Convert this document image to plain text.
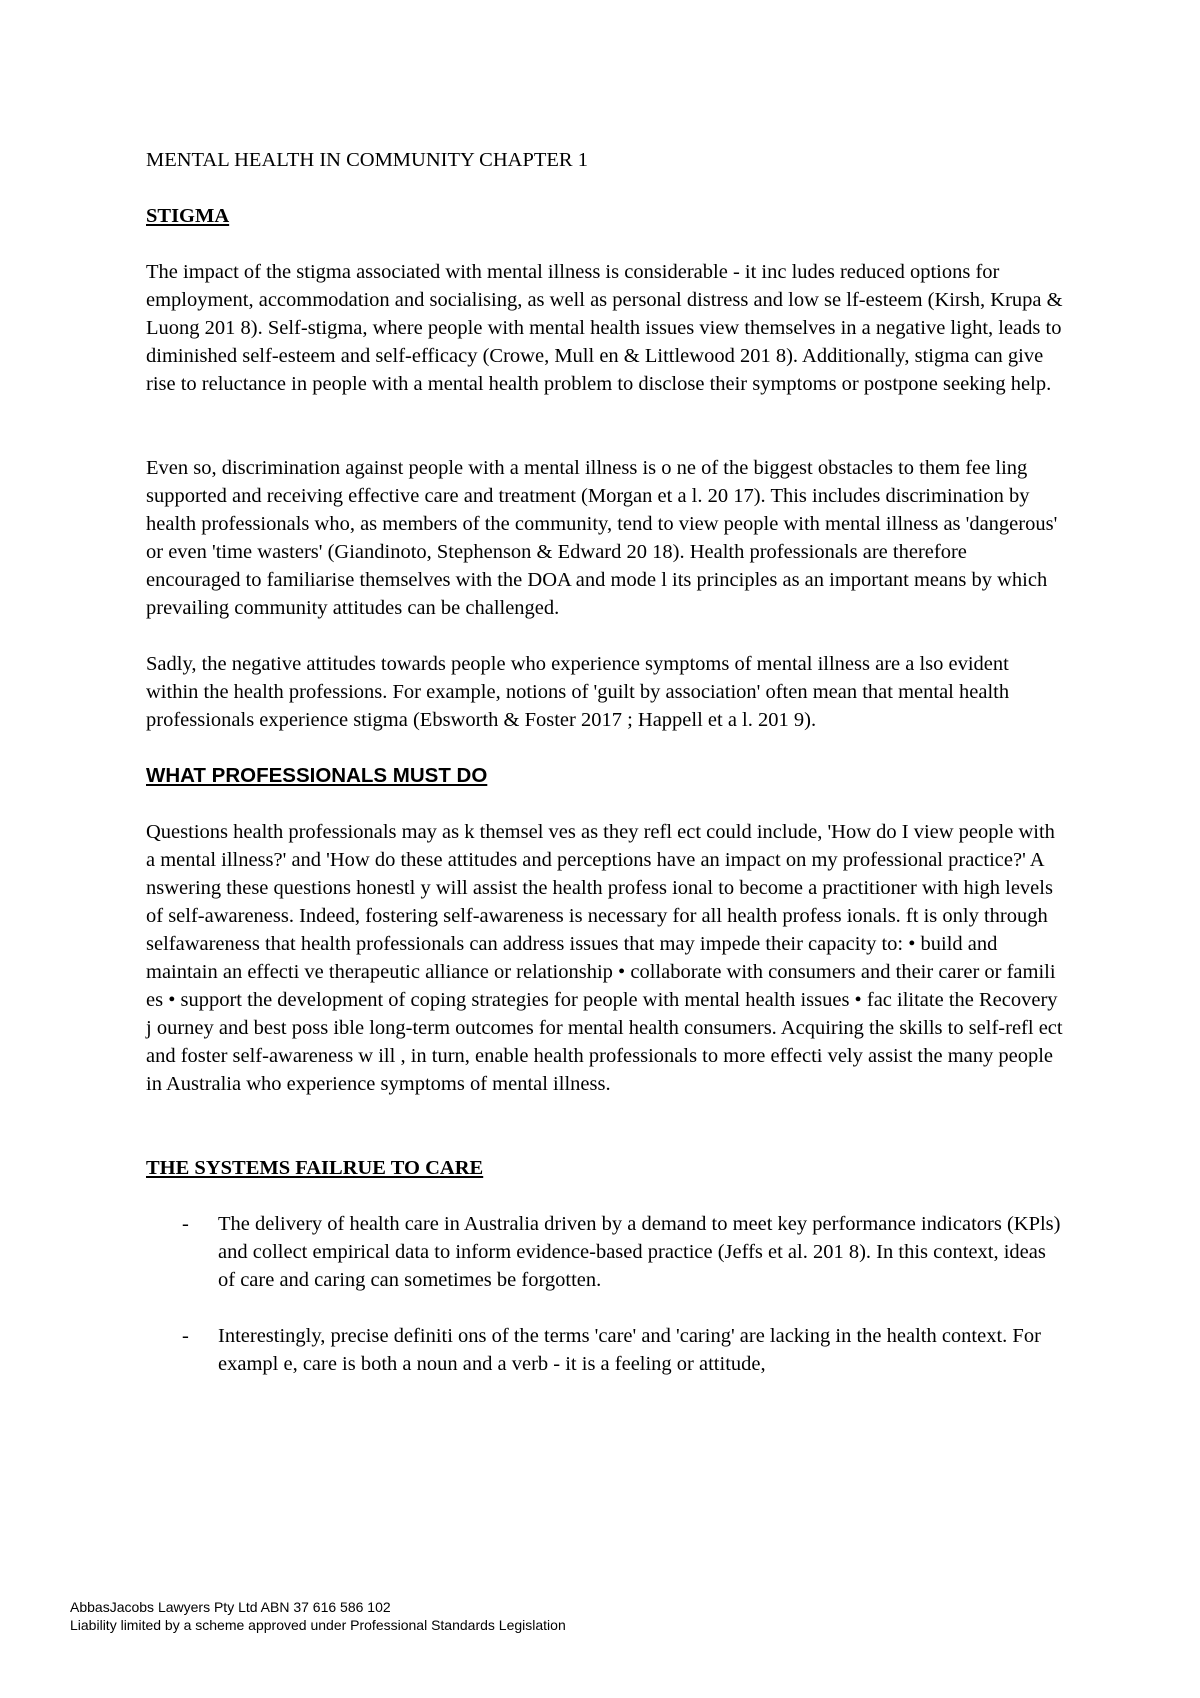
MENTAL HEALTH IN COMMUNITY CHAPTER 1
STIGMA

The impact of the stigma associated with mental illness is considerable - it inc ludes reduced options for employment, accommodation and socialising, as well as personal distress and low se lf-esteem (Kirsh, Krupa & Luong 201 8). Self-stigma, where people with mental health issues view themselves in a negative light, leads to diminished self-esteem and self-efficacy (Crowe, Mull en & Littlewood 201 8). Additionally, stigma can give rise to reluctance in people with a mental health problem to disclose their symptoms or postpone seeking help.

Even so, discrimination against people with a mental illness is o ne of the biggest obstacles to them fee ling supported and receiving effective care and treatment (Morgan et a l. 20 17). This includes discrimination by health professionals who, as members of the community, tend to view people with mental illness as 'dangerous' or even 'time wasters' (Giandinoto, Stephenson & Edward 20 18). Health professionals are therefore encouraged to familiarise themselves with the DOA and mode l its principles as an important means by which prevailing community attitudes can be challenged.

Sadly, the negative attitudes towards people who experience symptoms of mental illness are a lso evident within the health professions. For example, notions of 'guilt by association' often mean that mental health professionals experience stigma (Ebsworth & Foster 2017 ; Happell et a l. 201 9).

WHAT PROFESSIONALS MUST DO

Questions health professionals may as k themsel ves as they refl ect could include, 'How do I view people with a mental illness?' and 'How do these attitudes and perceptions have an impact on my professional practice?' A nswering these questions honestl y will assist the health profess ional to become a practitioner with high levels of self-awareness. Indeed, fostering self-awareness is necessary for all health profess ionals. ft is only through selfawareness that health professionals can address issues that may impede their capacity to: • build and maintain an effecti ve therapeutic alliance or relationship • collaborate with consumers and their carer or famili es • support the development of coping strategies for people with mental health issues • fac ilitate the Recovery j ourney and best poss ible long-term outcomes for mental health consumers. Acquiring the skills to self-refl ect and foster self-awareness w ill , in turn, enable health professionals to more effecti vely assist the many people in Australia who experience symptoms of mental illness.

THE SYSTEMS FAILRUE TO CARE
- The delivery of health care in Australia driven by a demand to meet key performance indicators (KPls) and collect empirical data to inform evidence-based practice (Jeffs et al. 201 8). In this context, ideas of care and caring can sometimes be forgotten.
- Interestingly, precise definiti ons of the terms 'care' and 'caring' are lacking in the health context. For exampl e, care is both a noun and a verb - it is a feeling or attitude,
AbbasJacobs Lawyers Pty Ltd ABN 37 616 586 102
Liability limited by a scheme approved under Professional Standards Legislation
